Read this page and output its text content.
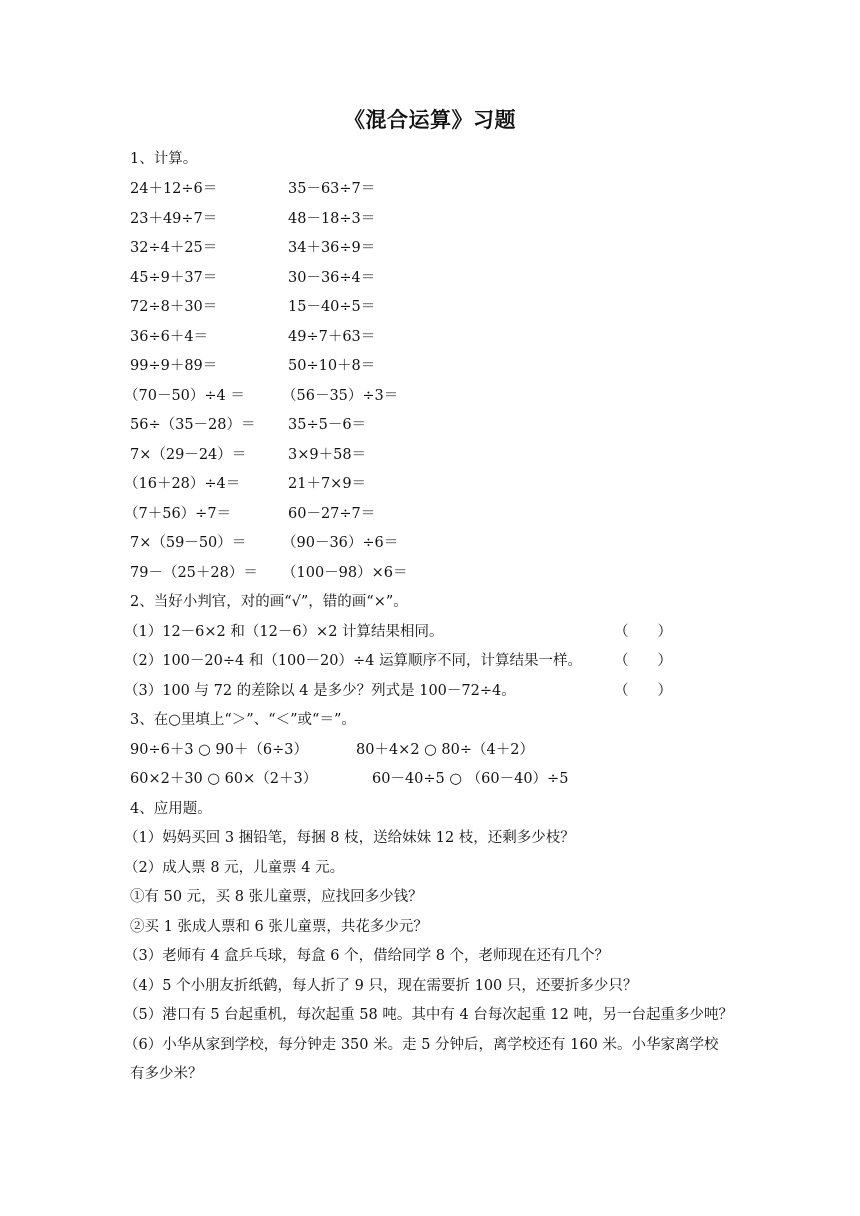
《混合运算》习题
1、计算。
24＋12÷6＝	35－63÷7＝
23＋49÷7＝	48－18÷3＝
32÷4＋25＝	34＋36÷9＝
45÷9＋37＝	30－36÷4＝
72÷8＋30＝	15－40÷5＝
36÷6＋4＝	49÷7＋63＝
99÷9＋89＝	50÷10＋8＝
（70－50）÷4 ＝	（56－35）÷3＝
56÷（35－28）＝ 35÷5－6＝
7×（29－24）＝	3×9＋58＝
（16＋28）÷4＝	21＋7×9＝
（7＋56）÷7＝	60－27÷7＝
7×（59－50）＝ （90－36）÷6＝
79－（25＋28）＝ （100－98）×6＝
2、当好小判官，对的画“√”，错的画“×”。
（1）12－6×2 和（12－6）×2 计算结果相同。	（　　）
（2）100－20÷4 和（100－20）÷4 运算顺序不同，计算结果一样。 （　　）
（3）100 与 72 的差除以 4 是多少？列式是 100－72÷4。	（　　）
3、在○里填上“＞”、“＜”或“＝”。
90÷6＋3 ○ 90＋（6÷3）	80＋4×2 ○ 80÷（4＋2）
60×2＋30 ○ 60×（2＋3）	60－40÷5 ○ （60－40）÷5
4、应用题。
（1）妈妈买回 3 捆铅笔，每捆 8 枝，送给妹妹 12 枝，还剩多少枝？
（2）成人票 8 元，儿童票 4 元。
①有 50 元，买 8 张儿童票，应找回多少钱？
②买 1 张成人票和 6 张儿童票，共花多少元？
（3）老师有 4 盒乒乓球，每盒 6 个，借给同学 8 个，老师现在还有几个？
（4）5 个小朋友折纸鹤，每人折了 9 只，现在需要折 100 只，还要折多少只？
（5）港口有 5 台起重机，每次起重 58 吨。其中有 4 台每次起重 12 吨，另一台起重多少吨？
（6）小华从家到学校，每分钟走 350 米。走 5 分钟后，离学校还有 160 米。小华家离学校
有多少米？
